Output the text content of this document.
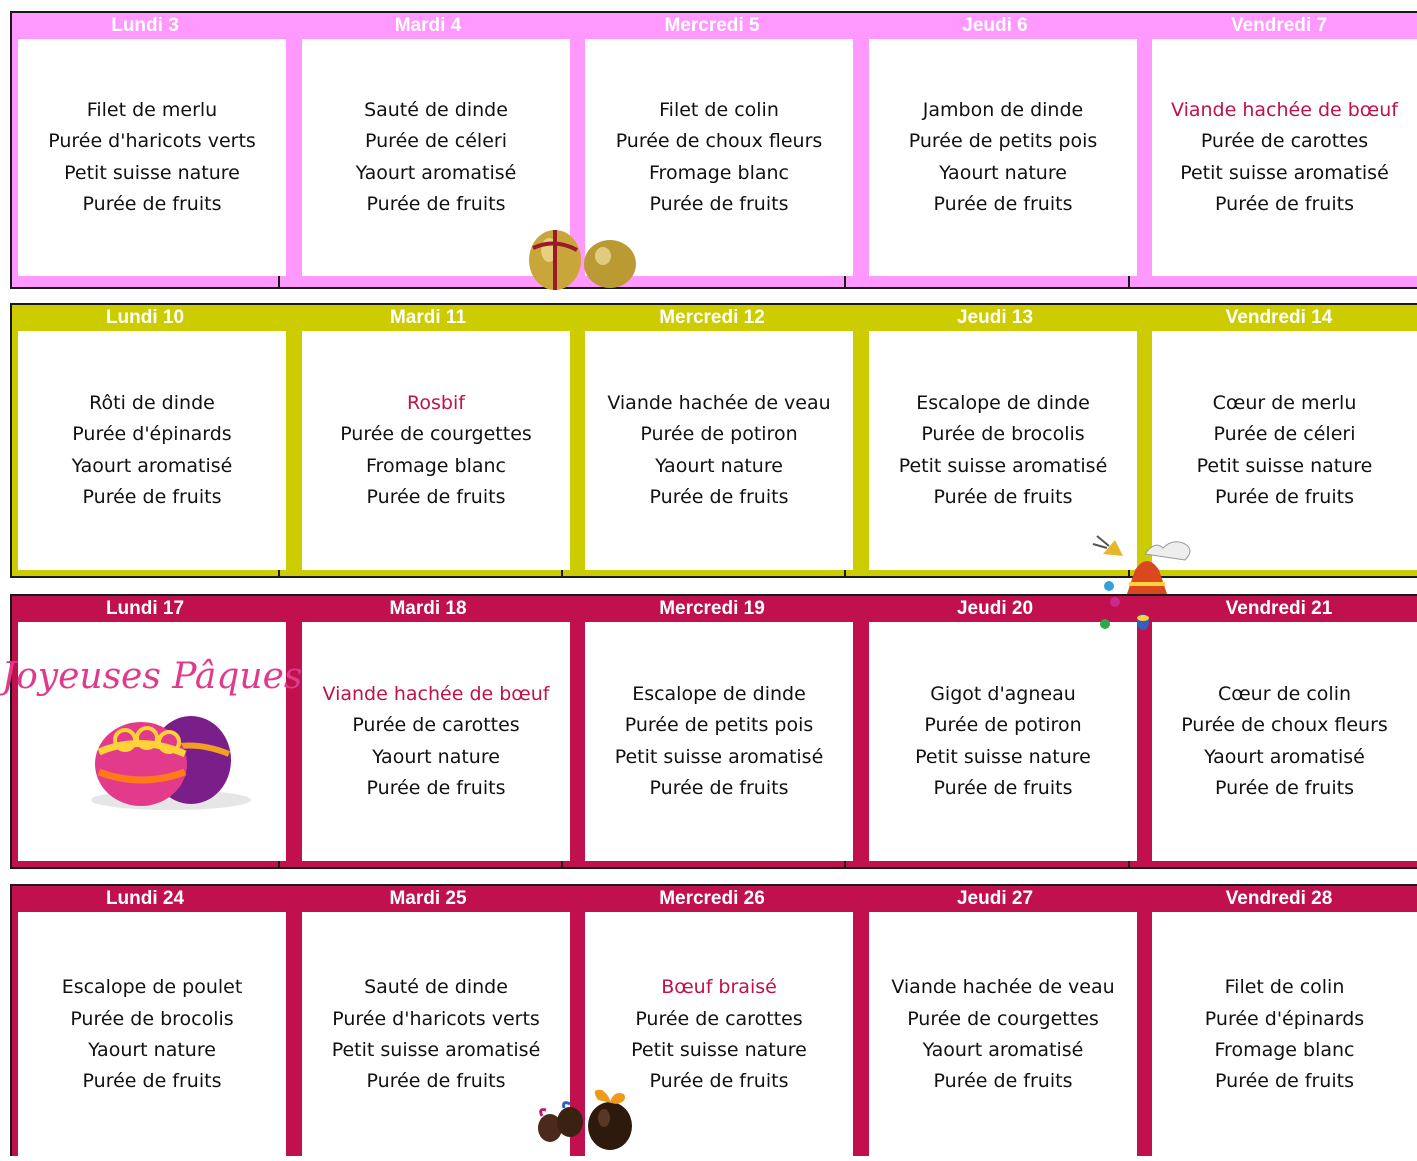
Lundi 3
Filet de merlu
Purée d'haricots verts
Petit suisse nature
Purée de fruits
Mardi 4
Sauté de dinde
Purée de céleri
Yaourt aromatisé
Purée de fruits
Mercredi 5
Filet de colin
Purée de choux fleurs
Fromage blanc
Purée de fruits
Jeudi 6
Jambon de dinde
Purée de petits pois
Yaourt nature
Purée de fruits
Vendredi 7
Viande hachée de bœuf
Purée de carottes
Petit suisse aromatisé
Purée de fruits
Lundi 10
Rôti de dinde
Purée d'épinards
Yaourt aromatisé
Purée de fruits
Mardi 11
Rosbif
Purée de courgettes
Fromage blanc
Purée de fruits
Mercredi 12
Viande hachée de veau
Purée de potiron
Yaourt nature
Purée de fruits
Jeudi 13
Escalope de dinde
Purée de brocolis
Petit suisse aromatisé
Purée de fruits
Vendredi 14
Cœur de merlu
Purée de céleri
Petit suisse nature
Purée de fruits
Lundi 17
Joyeuses Pâques
Mardi 18
Viande hachée de bœuf
Purée de carottes
Yaourt nature
Purée de fruits
Mercredi 19
Escalope de dinde
Purée de petits pois
Petit suisse aromatisé
Purée de fruits
Jeudi 20
Gigot d'agneau
Purée de potiron
Petit suisse nature
Purée de fruits
Vendredi 21
Cœur de colin
Purée de choux fleurs
Yaourt aromatisé
Purée de fruits
Lundi 24
Escalope de poulet
Purée de brocolis
Yaourt nature
Purée de fruits
Mardi 25
Sauté de dinde
Purée d'haricots verts
Petit suisse aromatisé
Purée de fruits
Mercredi 26
Bœuf braisé
Purée de carottes
Petit suisse nature
Purée de fruits
Jeudi 27
Viande hachée de veau
Purée de courgettes
Yaourt aromatisé
Purée de fruits
Vendredi 28
Filet de colin
Purée d'épinards
Fromage blanc
Purée de fruits
